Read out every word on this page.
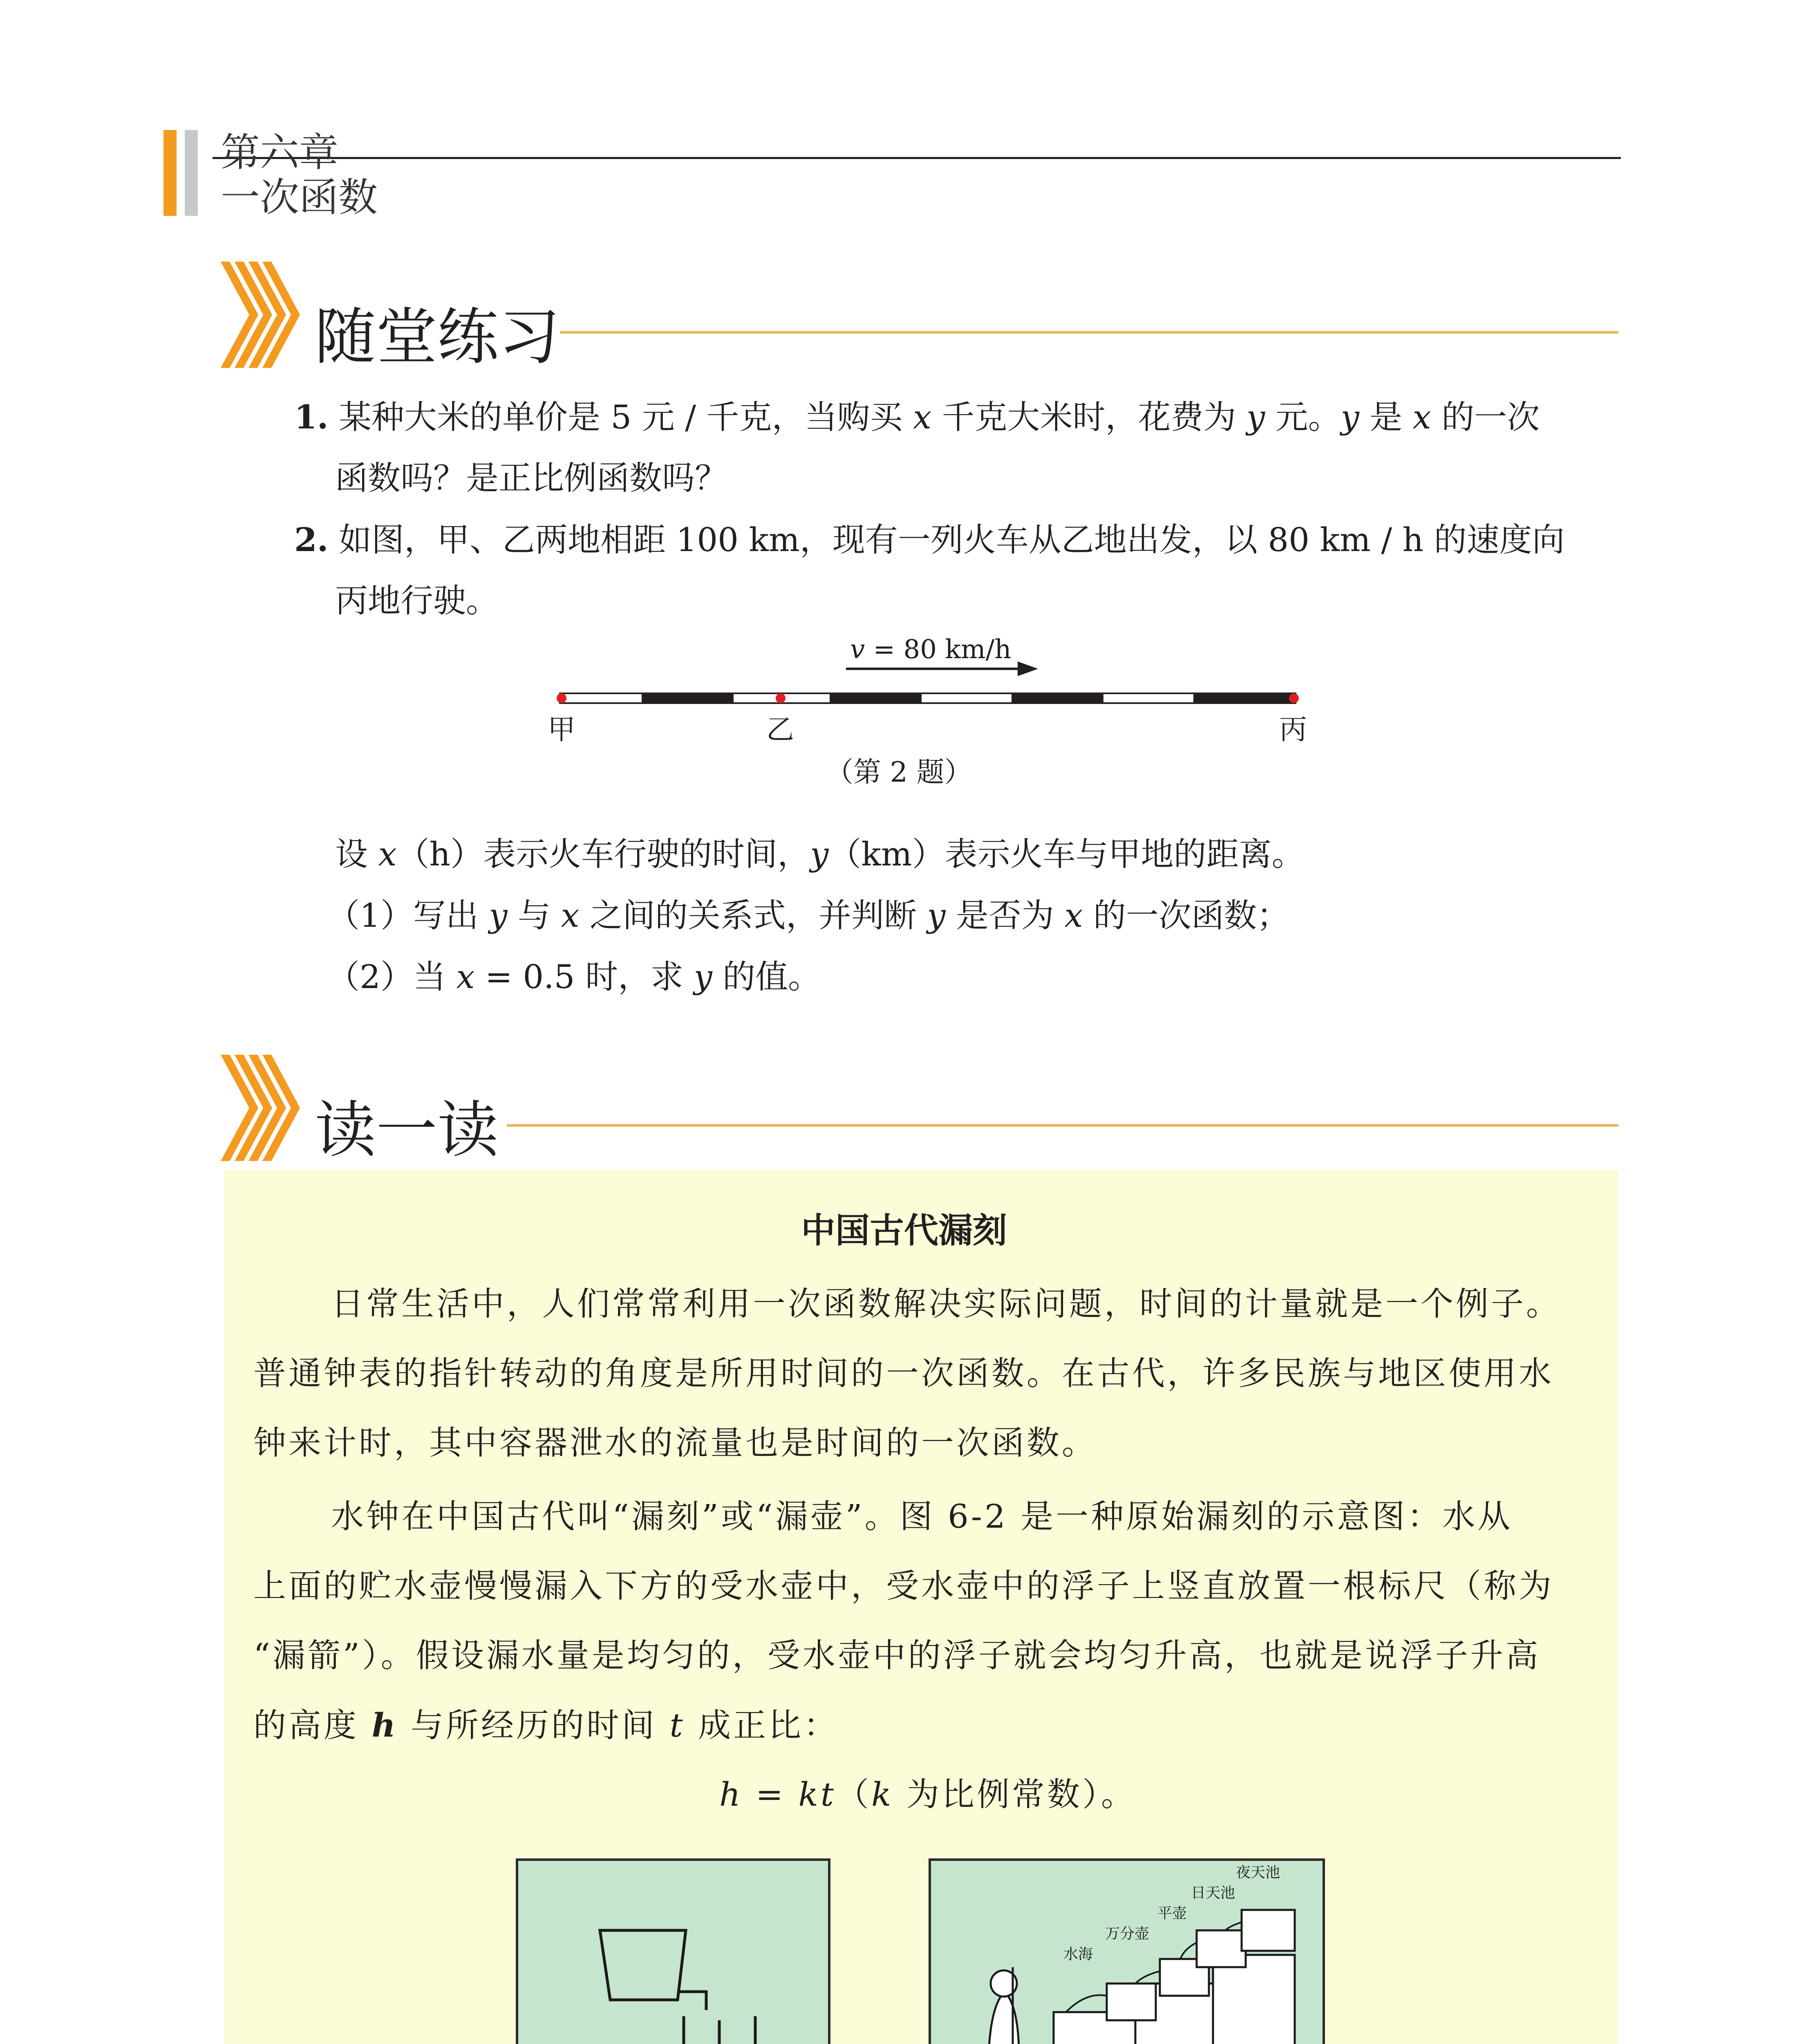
第六章
一次函数
随堂练习
1. 某种大米的单价是 5 元 / 千克，当购买 x 千克大米时，花费为 y 元。y 是 x 的一次
函数吗？是正比例函数吗？
2. 如图，甲、乙两地相距 100 km，现有一列火车从乙地出发，以 80 km / h 的速度向
丙地行驶。
v = 80 km/h
甲	乙	丙
（第 2 题）
设 x（h）表示火车行驶的时间，y（km）表示火车与甲地的距离。
（1）写出 y 与 x 之间的关系式，并判断 y 是否为 x 的一次函数；
（2）当 x = 0.5 时，求 y 的值。
读一读
中国古代漏刻
日常生活中，人们常常利用一次函数解决实际问题，时间的计量就是一个例子。
普通钟表的指针转动的角度是所用时间的一次函数。在古代，许多民族与地区使用水
钟来计时，其中容器泄水的流量也是时间的一次函数。
水钟在中国古代叫“漏刻”或“漏壶”。图 6-2 是一种原始漏刻的示意图：水从
上面的贮水壶慢慢漏入下方的受水壶中，受水壶中的浮子上竖直放置一根标尺（称为
“漏箭”）。假设漏水量是均匀的，受水壶中的浮子就会均匀升高，也就是说浮子升高
的高度 h 与所经历的时间 t 成正比：
h = kt（k 为比例常数）。
夜天池
日天池
平壶
万分壶
水海
